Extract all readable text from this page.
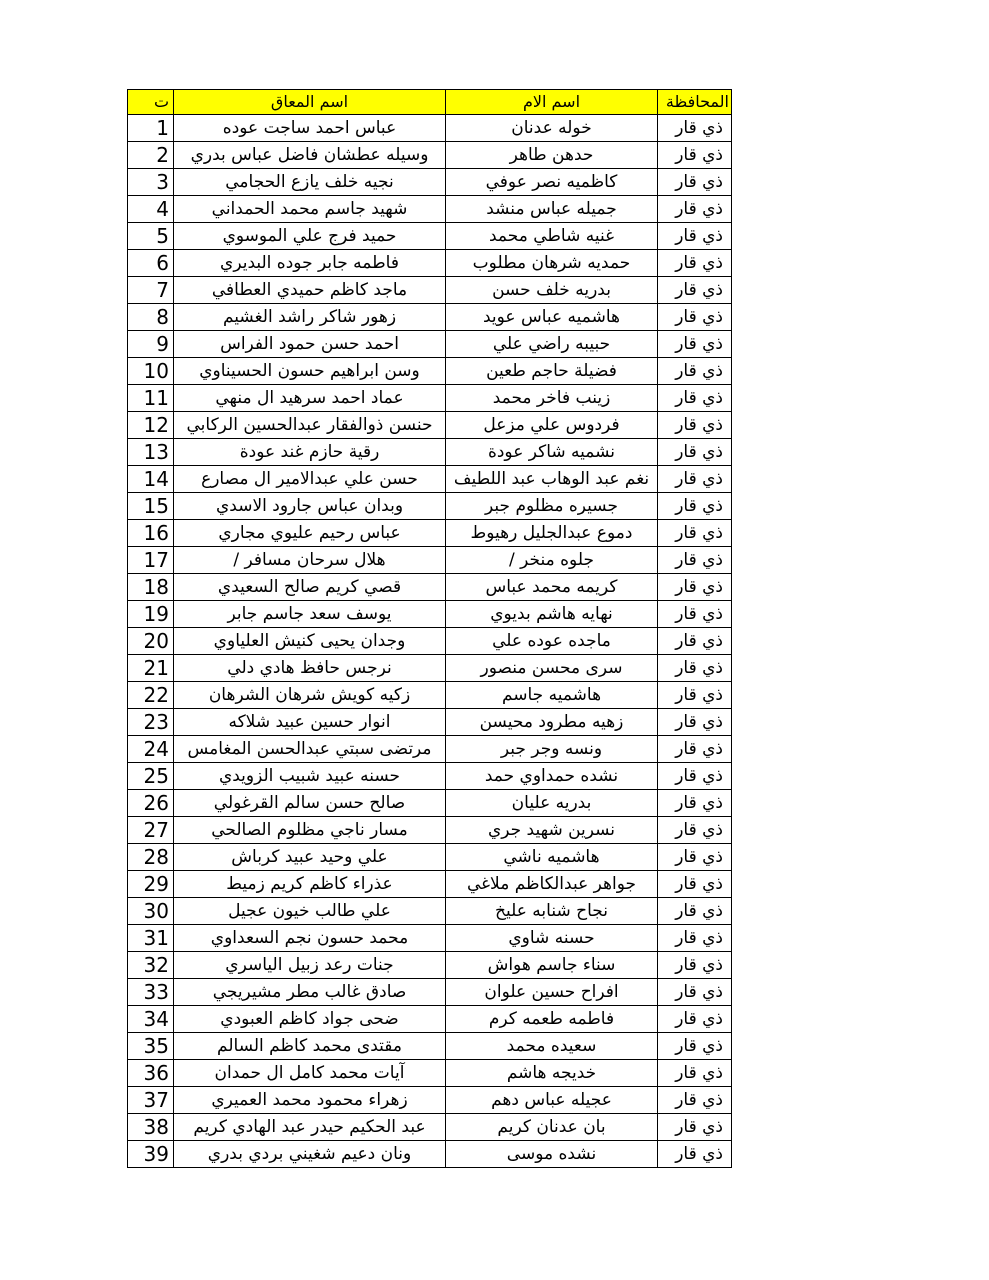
ت	اسم المعاق	اسم الام	المحافظة
1	عباس احمد ساجت عوده	خوله عدنان	ذي قار
2	وسيله عطشان فاضل عباس بدري	حدهن طاهر	ذي قار
3	نجيه خلف يازع الحجامي	كاظميه نصر عوفي	ذي قار
4	شهيد جاسم محمد الحمداني	جميله عباس منشد	ذي قار
5	حميد فرج علي الموسوي	غنيه شاطي محمد	ذي قار
6	فاطمه جابر جوده البديري	حمديه شرهان مطلوب	ذي قار
7	ماجد كاظم حميدي العطافي	بدريه خلف حسن	ذي قار
8	زهور شاكر راشد الغشيم	هاشميه عباس عويد	ذي قار
9	احمد حسن حمود الفراس	حبيبه راضي علي	ذي قار
10	وسن ابراهيم حسون الحسيناوي	فضيلة حاجم طعين	ذي قار
11	عماد احمد سرهيد ال منهي	زينب فاخر محمد	ذي قار
12	حنسن ذوالفقار عبدالحسين الركابي	فردوس علي مزعل	ذي قار
13	رقية حازم غند عودة	نشميه شاكر عودة	ذي قار
14	حسن علي عبدالامير ال مصارع	نغم عبد الوهاب عبد اللطيف	ذي قار
15	وبدان عباس جارود الاسدي	جسيره مظلوم جبر	ذي قار
16	عباس رحيم عليوي مجاري	دموع عبدالجليل رهيوط	ذي قار
17	هلال سرحان مسافر /	جلوه منخر /	ذي قار
18	قصي كريم صالح السعيدي	كريمه محمد عباس	ذي قار
19	يوسف سعد جاسم جابر	نهايه هاشم بديوي	ذي قار
20	وجدان يحيى كنيش العلياوي	ماجده عوده علي	ذي قار
21	نرجس حافظ هادي دلي	سرى محسن منصور	ذي قار
22	زكيه كويش شرهان الشرهان	هاشميه جاسم	ذي قار
23	انوار حسين عبيد شلاكه	زهيه مطرود محيسن	ذي قار
24	مرتضى سبتي عبدالحسن المغامس	ونسه وجر جبر	ذي قار
25	حسنه عبيد شبيب الزويدي	نشده حمداوي حمد	ذي قار
26	صالح حسن سالم القرغولي	بدريه عليان	ذي قار
27	مسار ناجي مظلوم الصالحي	نسرين شهيد جري	ذي قار
28	علي وحيد عبيد كرباش	هاشميه ناشي	ذي قار
29	عذراء كاظم كريم زميط	جواهر عبدالكاظم ملاغي	ذي قار
30	علي طالب خيون عجيل	نجاح شنابه عليخ	ذي قار
31	محمد حسون نجم السعداوي	حسنه شاوي	ذي قار
32	جنات رعد زبيل الياسري	سناء جاسم هواش	ذي قار
33	صادق غالب مطر مشيريجي	افراح حسين علوان	ذي قار
34	ضحى جواد كاظم العبودي	فاطمه طعمه كرم	ذي قار
35	مقتدى محمد كاظم السالم	سعيده محمد	ذي قار
36	آيات محمد كامل ال حمدان	خديجه هاشم	ذي قار
37	زهراء محمود محمد العميري	عجيله عباس دهم	ذي قار
38	عبد الحكيم حيدر عبد الهادي كريم	بان عدنان كريم	ذي قار
39	ونان دعيم شغيني بردي بدري	نشده موسى	ذي قار
